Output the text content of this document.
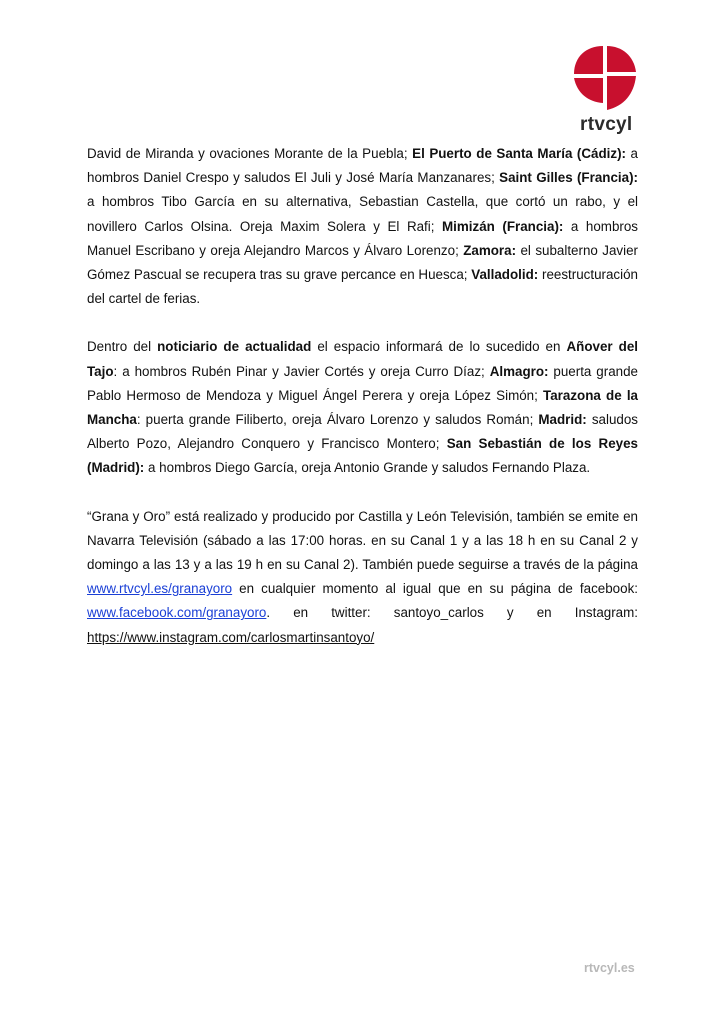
rtvcyl

David de Miranda y ovaciones Morante de la Puebla; El Puerto de Santa María (Cádiz): a hombros Daniel Crespo y saludos El Juli y José María Manzanares; Saint Gilles (Francia): a hombros Tibo García en su alternativa, Sebastian Castella, que cortó un rabo, y el novillero Carlos Olsina. Oreja Maxim Solera y El Rafi; Mimizán (Francia): a hombros Manuel Escribano y oreja Alejandro Marcos y Álvaro Lorenzo; Zamora: el subalterno Javier Gómez Pascual se recupera tras su grave percance en Huesca; Valladolid: reestructuración del cartel de ferias.

Dentro del noticiario de actualidad el espacio informará de lo sucedido en Añover del Tajo: a hombros Rubén Pinar y Javier Cortés y oreja Curro Díaz; Almagro: puerta grande Pablo Hermoso de Mendoza y Miguel Ángel Perera y oreja López Simón; Tarazona de la Mancha: puerta grande Filiberto, oreja Álvaro Lorenzo y saludos Román; Madrid: saludos Alberto Pozo, Alejandro Conquero y Francisco Montero; San Sebastián de los Reyes (Madrid): a hombros Diego García, oreja Antonio Grande y saludos Fernando Plaza.

“Grana y Oro” está realizado y producido por Castilla y León Televisión, también se emite en Navarra Televisión (sábado a las 17:00 horas. en su Canal 1 y a las 18 h en su Canal 2 y domingo a las 13 y a las 19 h en su Canal 2). También puede seguirse a través de la página www.rtvcyl.es/granayoro en cualquier momento al igual que en su página de facebook: www.facebook.com/granayoro. en twitter: santoyo_carlos y en Instagram: https://www.instagram.com/carlosmartinsantoyo/

rtvcyl.es
